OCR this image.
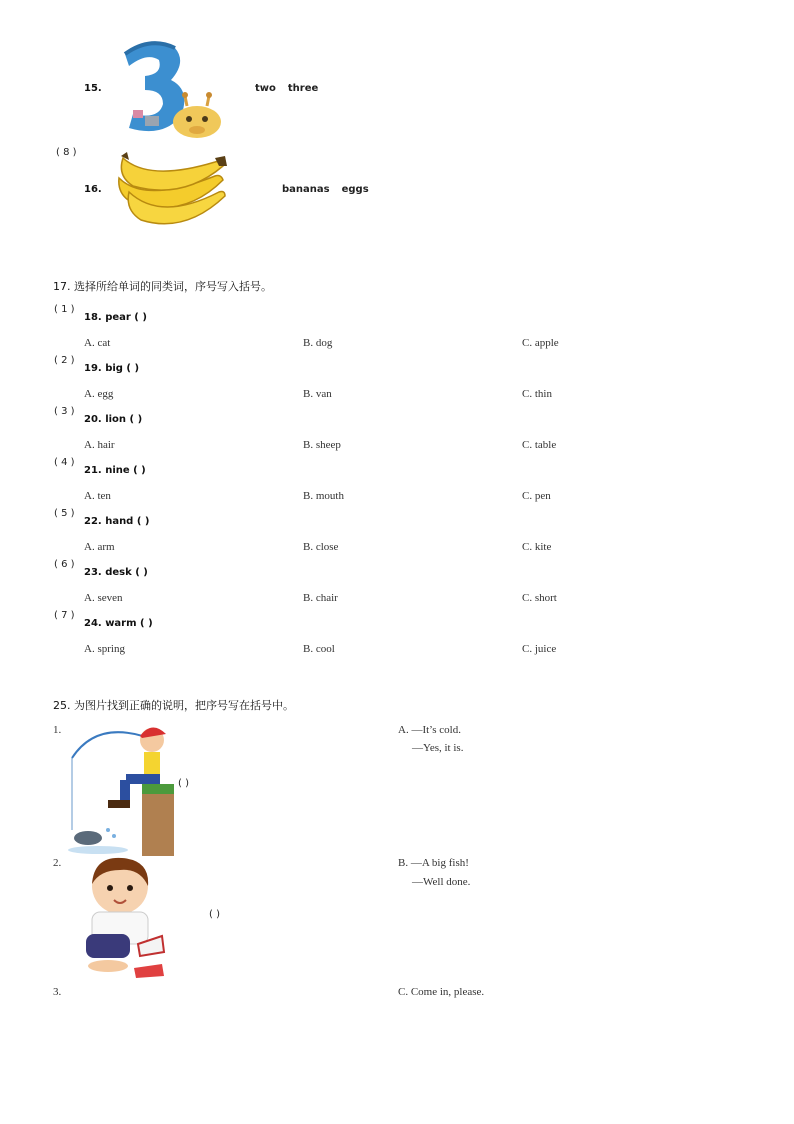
15.	two three
( 8 )
16.	bananas eggs
17. 选择所给单词的同类词，序号写入括号。
( 1 )
18. pear ( )
A. cat	B. dog	C. apple
( 2 )
19. big ( )
A. egg	B. van	C. thin
( 3 )
20. lion ( )
A. hair	B. sheep	C. table
( 4 )
21. nine ( )
A. ten	B. mouth	C. pen
( 5 )
22. hand ( )
A. arm	B. close	C. kite
( 6 )
23. desk ( )
A. seven	B. chair	C. short
( 7 )
24. warm ( )
A. spring	B. cool	C. juice
25. 为图片找到正确的说明，把序号写在括号中。
1.
( )
2.
( )
3.
A. —It’s cold.
—Yes, it is.
B. —A big fish!
—Well done.
C. Come in, please.
